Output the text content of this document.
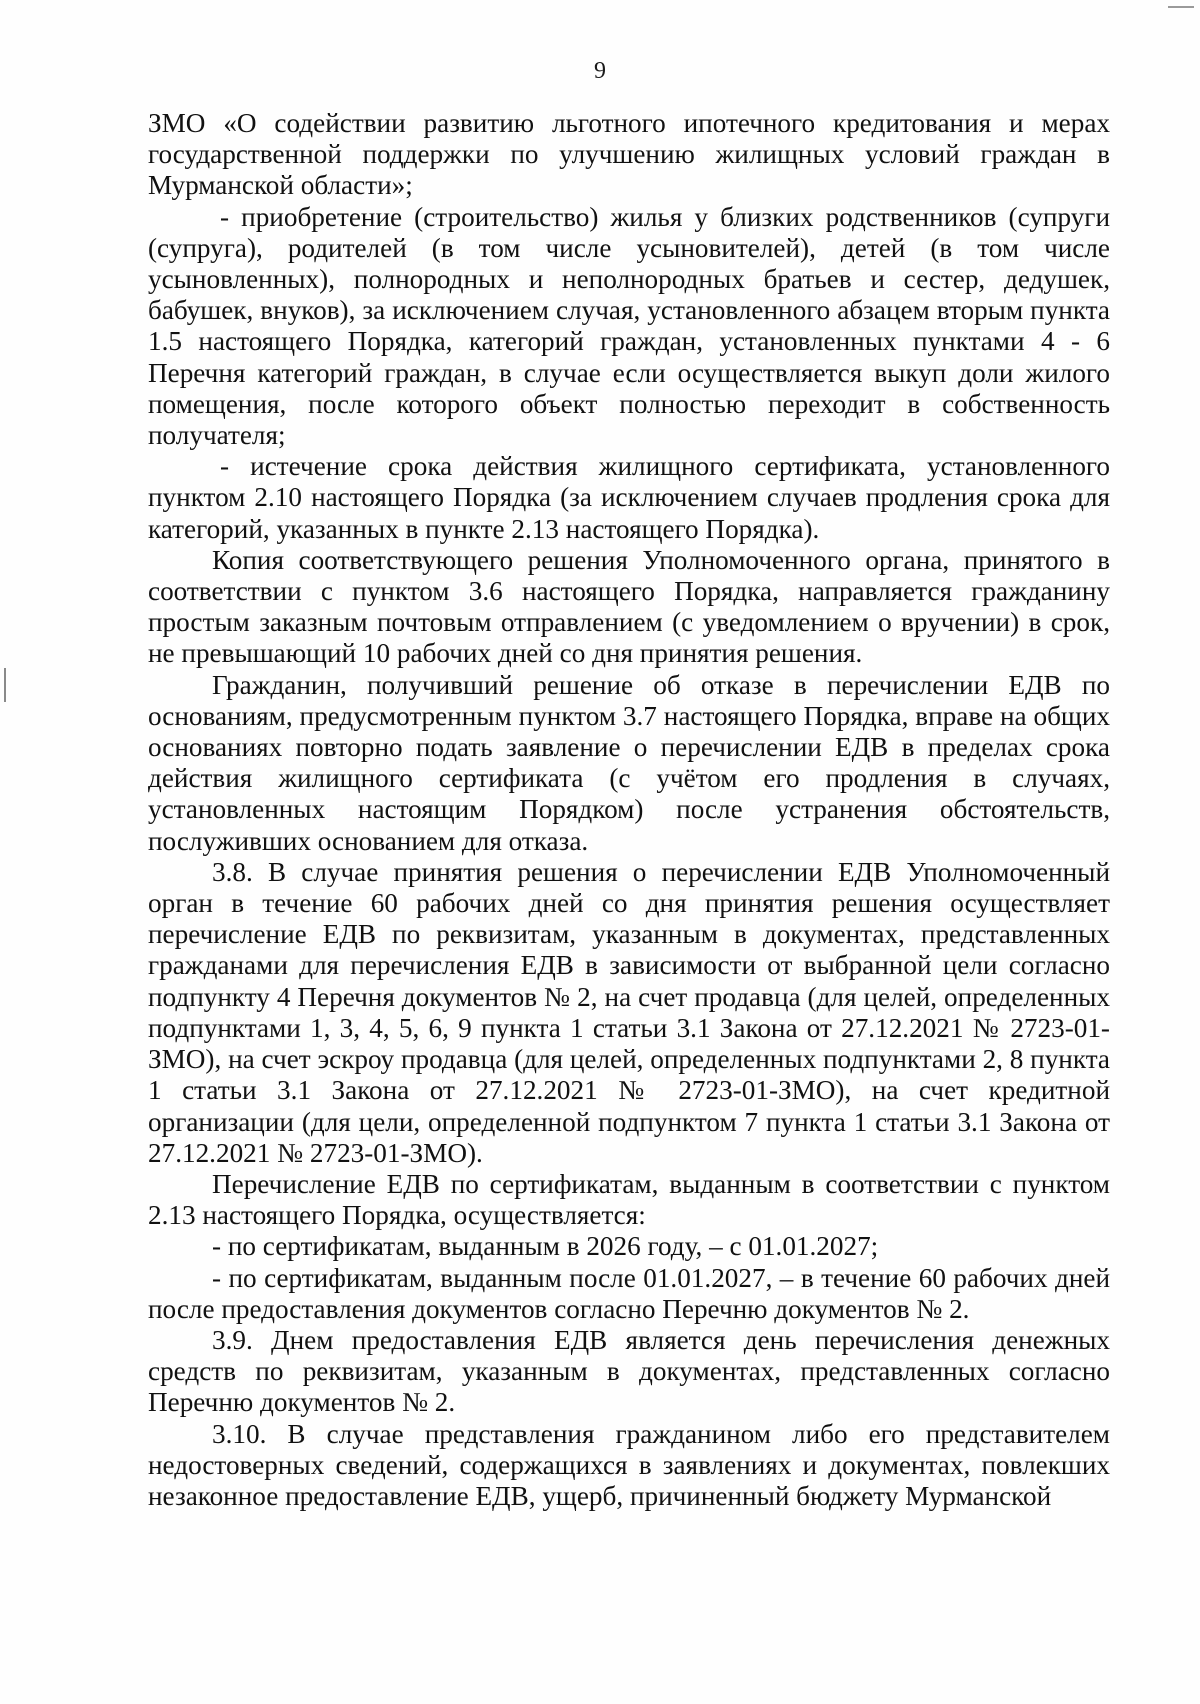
9

ЗМО «О содействии развитию льготного ипотечного кредитования и мерах государственной поддержки по улучшению жилищных условий граждан в Мурманской области»;

- приобретение (строительство) жилья у близких родственников (супруги (супруга), родителей (в том числе усыновителей), детей (в том числе усыновленных), полнородных и неполнородных братьев и сестер, дедушек, бабушек, внуков), за исключением случая, установленного абзацем вторым пункта 1.5 настоящего Порядка, категорий граждан, установленных пунктами 4 - 6 Перечня категорий граждан, в случае если осуществляется выкуп доли жилого помещения, после которого объект полностью переходит в собственность получателя;

- истечение срока действия жилищного сертификата, установленного пунктом 2.10 настоящего Порядка (за исключением случаев продления срока для категорий, указанных в пункте 2.13 настоящего Порядка).

Копия соответствующего решения Уполномоченного органа, принятого в соответствии с пунктом 3.6 настоящего Порядка, направляется гражданину простым заказным почтовым отправлением (с уведомлением о вручении) в срок, не превышающий 10 рабочих дней со дня принятия решения.

Гражданин, получивший решение об отказе в перечислении ЕДВ по основаниям, предусмотренным пунктом 3.7 настоящего Порядка, вправе на общих основаниях повторно подать заявление о перечислении ЕДВ в пределах срока действия жилищного сертификата (с учётом его продления в случаях, установленных настоящим Порядком) после устранения обстоятельств, послуживших основанием для отказа.

3.8. В случае принятия решения о перечислении ЕДВ Уполномоченный орган в течение 60 рабочих дней со дня принятия решения осуществляет перечисление ЕДВ по реквизитам, указанным в документах, представленных гражданами для перечисления ЕДВ в зависимости от выбранной цели согласно подпункту 4 Перечня документов № 2, на счет продавца (для целей, определенных подпунктами 1, 3, 4, 5, 6, 9 пункта 1 статьи 3.1 Закона от 27.12.2021 № 2723-01-ЗМО), на счет эскроу продавца (для целей, определенных подпунктами 2, 8 пункта 1 статьи 3.1 Закона от 27.12.2021 № 2723-01-ЗМО), на счет кредитной организации (для цели, определенной подпунктом 7 пункта 1 статьи 3.1 Закона от 27.12.2021 № 2723-01-ЗМО).

Перечисление ЕДВ по сертификатам, выданным в соответствии с пунктом 2.13 настоящего Порядка, осуществляется:

- по сертификатам, выданным в 2026 году, – с 01.01.2027;

- по сертификатам, выданным после 01.01.2027, – в течение 60 рабочих дней после предоставления документов согласно Перечню документов № 2.

3.9. Днем предоставления ЕДВ является день перечисления денежных средств по реквизитам, указанным в документах, представленных согласно Перечню документов № 2.

3.10. В случае представления гражданином либо его представителем недостоверных сведений, содержащихся в заявлениях и документах, повлекших незаконное предоставление ЕДВ, ущерб, причиненный бюджету Мурманской
